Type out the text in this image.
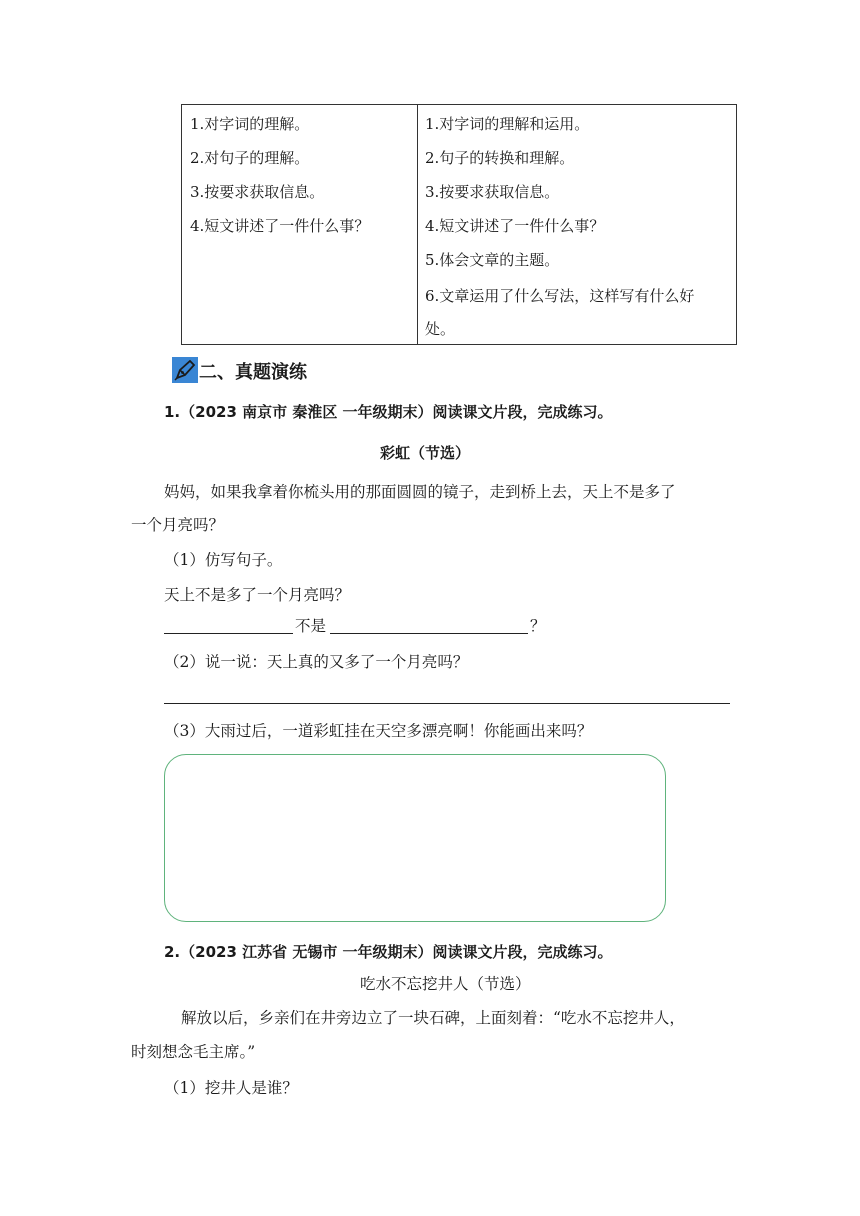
1.对字词的理解。
2.对句子的理解。
3.按要求获取信息。
4.短文讲述了一件什么事？
1.对字词的理解和运用。
2.句子的转换和理解。
3.按要求获取信息。
4.短文讲述了一件什么事？
5.体会文章的主题。
6.文章运用了什么写法，这样写有什么好
处。
二、真题演练
1.（2023 南京市 秦淮区 一年级期末）阅读课文片段，完成练习。
彩虹（节选）
妈妈，如果我拿着你梳头用的那面圆圆的镜子，走到桥上去，天上不是多了
一个月亮吗？
（1）仿写句子。
天上不是多了一个月亮吗？
不是	？
（2）说一说：天上真的又多了一个月亮吗？
（3）大雨过后，一道彩虹挂在天空多漂亮啊！你能画出来吗？
2.（2023 江苏省 无锡市 一年级期末）阅读课文片段，完成练习。
吃水不忘挖井人（节选）
解放以后，乡亲们在井旁边立了一块石碑，上面刻着：“吃水不忘挖井人，
时刻想念毛主席。”
（1）挖井人是谁？
